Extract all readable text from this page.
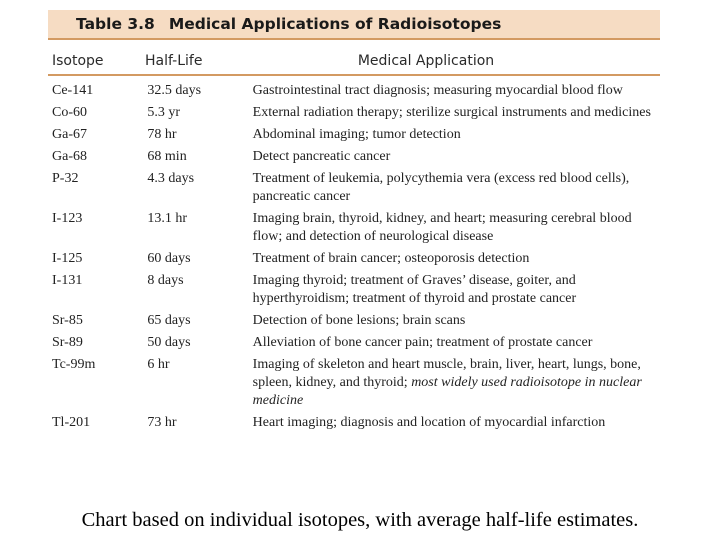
Table 3.8 Medical Applications of Radioisotopes
Isotope	Half-Life	Medical Application
Ce-141	32.5 days	Gastrointestinal tract diagnosis; measuring myocardial blood flow
Co-60	5.3 yr	External radiation therapy; sterilize surgical instruments and medicines
Ga-67	78 hr	Abdominal imaging; tumor detection
Ga-68	68 min	Detect pancreatic cancer
P-32	4.3 days	Treatment of leukemia, polycythemia vera (excess red blood cells), pancreatic cancer
I-123	13.1 hr	Imaging brain, thyroid, kidney, and heart; measuring cerebral blood flow; and detection of neurological disease
I-125	60 days	Treatment of brain cancer; osteoporosis detection
I-131	8 days	Imaging thyroid; treatment of Graves’ disease, goiter, and hyperthyroidism; treatment of thyroid and prostate cancer
Sr-85	65 days	Detection of bone lesions; brain scans
Sr-89	50 days	Alleviation of bone cancer pain; treatment of prostate cancer
Tc-99m	6 hr	Imaging of skeleton and heart muscle, brain, liver, heart, lungs, bone, spleen, kidney, and thyroid; most widely used radioisotope in nuclear medicine
Tl-201	73 hr	Heart imaging; diagnosis and location of myocardial infarction
Chart based on individual isotopes, with average half-life estimates.
